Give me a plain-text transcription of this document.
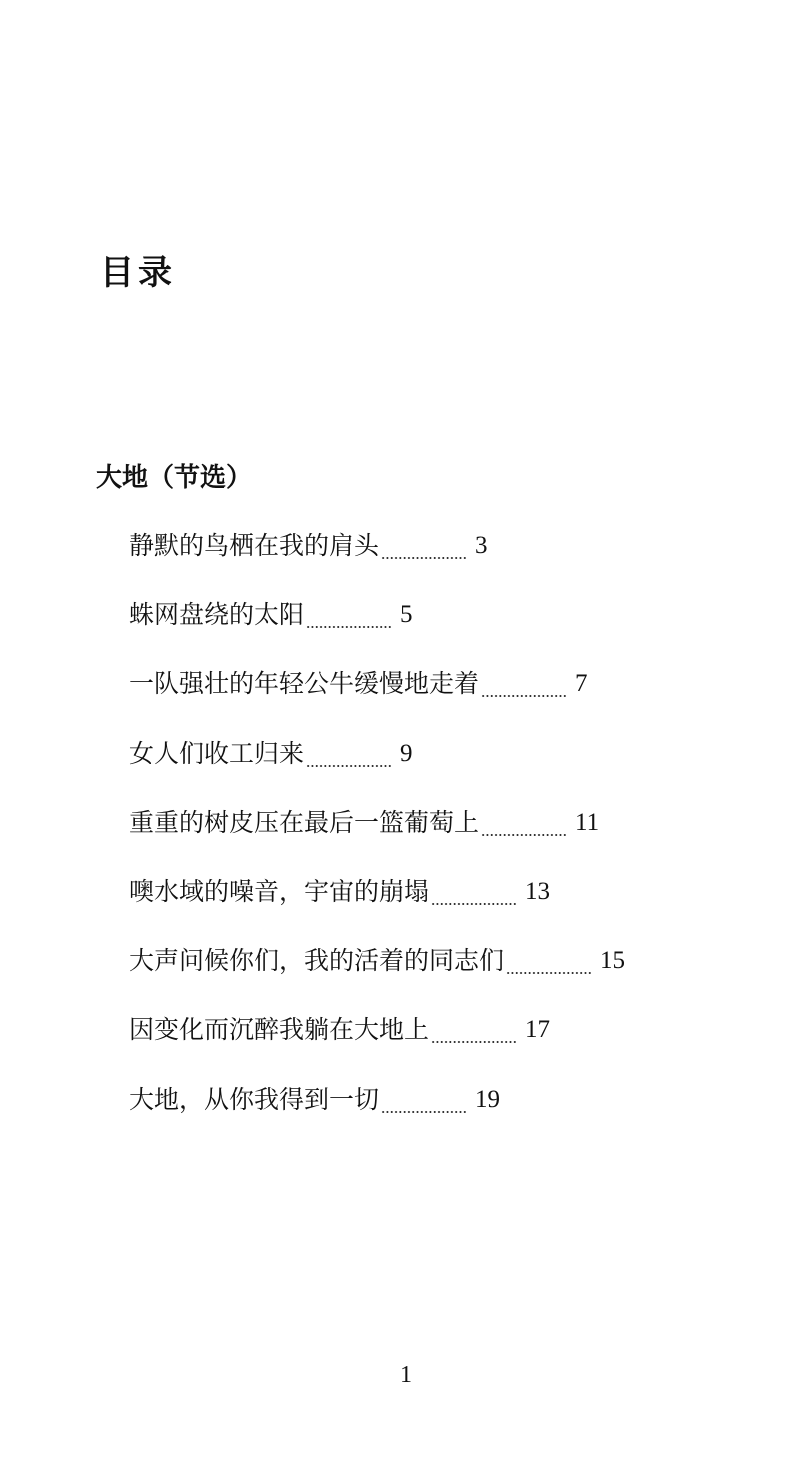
目录
大地（节选）
静默的鸟栖在我的肩头	3
蛛网盘绕的太阳	5
一队强壮的年轻公牛缓慢地走着	7
女人们收工归来	9
重重的树皮压在最后一篮葡萄上	11
噢水域的噪音，宇宙的崩塌	13
大声问候你们，我的活着的同志们	15
因变化而沉醉我躺在大地上	17
大地，从你我得到一切	19
1
